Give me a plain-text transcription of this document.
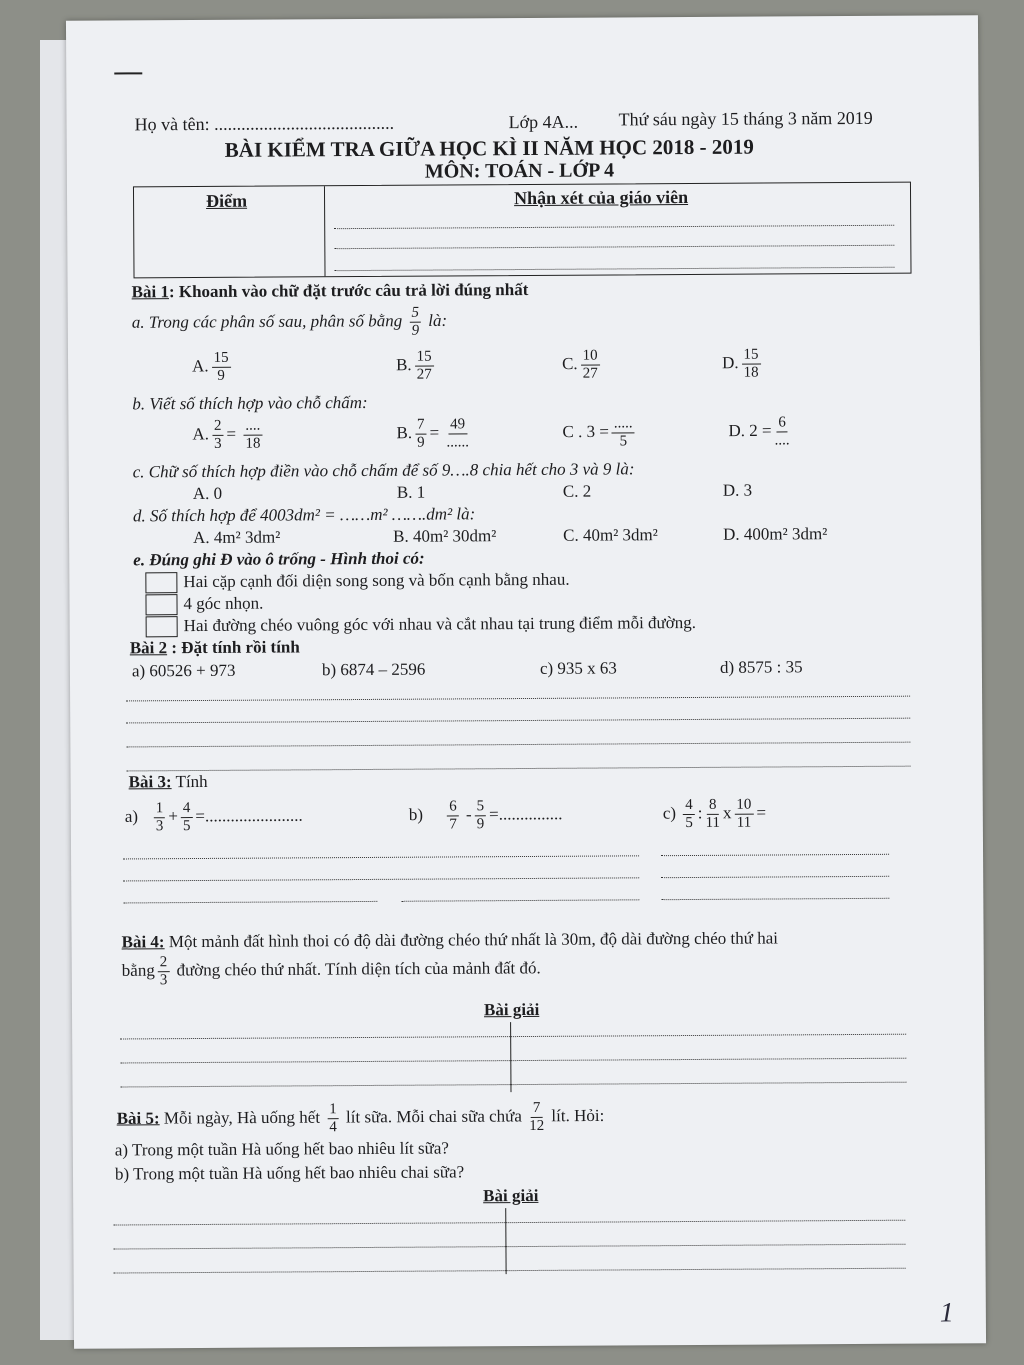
Họ và tên: ........................................	Lớp 4A... Thứ sáu ngày 15 tháng 3 năm 2019
BÀI KIỂM TRA GIỮA HỌC KÌ II NĂM HỌC 2018 - 2019
MÔN: TOÁN - LỚP 4
Điểm	Nhận xét của giáo viên
Bài 1: Khoanh vào chữ đặt trước câu trả lời đúng nhất
a. Trong các phân số sau, phân số bằng $\frac{5}{9}$ là:
A. $\frac{15}{9}$	B. $\frac{15}{27}$	C. $\frac{10}{27}$	D. $\frac{15}{18}$
b. Viết số thích hợp vào chỗ chấm:
A. $\frac{2}{3} = \frac{....}{18}$	B. $\frac{7}{9} = \frac{49}{......}$	C . $3 = \frac{.....}{5}$	D. $2 = \frac{6}{....}$
c. Chữ số thích hợp điền vào chỗ chấm để số 9….8 chia hết cho 3 và 9 là:
A. 0	B. 1	C. 2	D. 3
d. Số thích hợp để 4003dm² = ……m² …….dm² là:
A. 4m² 3dm²	B. 40m² 30dm²	C. 40m² 3dm²	D. 400m² 3dm²
e. Đúng ghi Đ vào ô trống - Hình thoi có:
Hai cặp cạnh đối diện song song và bốn cạnh bằng nhau.
4 góc nhọn.
Hai đường chéo vuông góc với nhau và cắt nhau tại trung điểm mỗi đường.
Bài 2 : Đặt tính rồi tính
a) 60526 + 973	b) 6874 – 2596	c) 935 x 63	d) 8575 : 35
Bài 3: Tính
$a) \frac{1}{3} + \frac{4}{5}$ =.......................	$b) \frac{6}{7} - \frac{5}{9}$ =...............	$c) \frac{4}{5}$ : $\frac{8}{11}$ x $\frac{10}{11}$ =
Bài 4: Một mảnh đất hình thoi có độ dài đường chéo thứ nhất là 30m, độ dài đường chéo thứ hai
bằng $\frac{2}{3}$ đường chéo thứ nhất. Tính diện tích của mảnh đất đó.
Bài giải
Bài 5: Mỗi ngày, Hà uống hết $\frac{1}{4}$ lít sữa. Mỗi chai sữa chứa $\frac{7}{12}$ lít. Hỏi:
a) Trong một tuần Hà uống hết bao nhiêu lít sữa?
b) Trong một tuần Hà uống hết bao nhiêu chai sữa?
Bài giải
1
